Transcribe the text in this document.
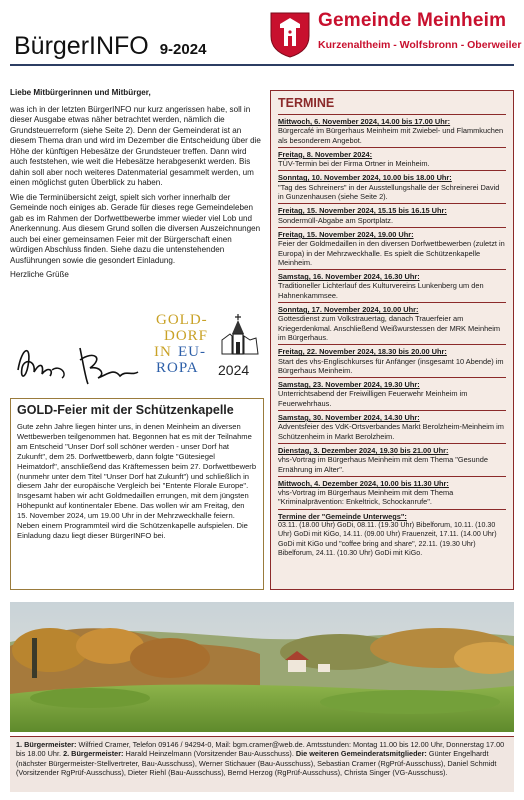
BürgerINFO 9-2024
Gemeinde Meinheim
Kurzenaltheim - Wolfsbronn - Oberweiler

Liebe Mitbürgerinnen und Mitbürger,

was ich in der letzten BürgerINFO nur kurz angerissen habe, soll in dieser Ausgabe etwas näher betrachtet werden, nämlich die Grundsteuerreform (siehe Seite 2). Denn der Gemeinderat ist an diesem Thema dran und wird im Dezember die Entscheidung über die Höhe der künftigen Hebesätze der Grundsteuer treffen. Dann wird auch feststehen, wie weit die Hebesätze herabgesenkt werden. Bis dahin soll aber noch weiteres Datenmaterial gesammelt werden, um einen möglichst guten Überblick zu haben.

Wie die Terminübersicht zeigt, spielt sich vorher innerhalb der Gemeinde noch einiges ab. Gerade für dieses rege Gemeindeleben gab es im Rahmen der Dorfwettbewerbe immer wieder viel Lob und Anerkennung. Aus diesem Grund sollen die diversen Auszeichnungen auch bei einer gemeinsamen Feier mit der Bürgerschaft einen würdigen Abschluss finden. Siehe dazu die untenstehenden Ausführungen sowie die gesondert Einladung.

Herzliche Grüße

GOLD-
DORF
IN EU-
ROPA 2024
GOLD-Feier mit der Schützenkapelle

Gute zehn Jahre liegen hinter uns, in denen Meinheim an diversen Wettbewerben teilgenommen hat. Begonnen hat es mit der Teilnahme am Entscheid "Unser Dorf soll schöner werden - unser Dorf hat Zukunft", dem 25. Dorfwettbewerb, dann folgte "Gütesiegel Heimatdorf", anschließend das Kräftemessen beim 27. Dorfwettbewerb (nunmehr unter dem Titel "Unser Dorf hat Zukunft") und schließlich in diesem Jahr der europäische Vergleich bei "Entente Florale Europe". Insgesamt haben wir acht Goldmedaillen errungen, mit dem jüngsten Höhepunkt auf kontinentaler Ebene. Das wollen wir am Freitag, den 15. November 2024, um 19.00 Uhr in der Mehrzweckhalle feiern. Neben einem Programmteil wird die Schützenkapelle aufspielen. Die Einladung dazu liegt dieser BürgerINFO bei.

TERMINE
Mittwoch, 6. November 2024, 14.00 bis 17.00 Uhr:
Bürgercafé im Bürgerhaus Meinheim mit Zwiebel- und Flammkuchen als besonderem Angebot.
Freitag, 8. November 2024:
TÜV-Termin bei der Firma Ortner in Meinheim.
Sonntag, 10. November 2024, 10.00 bis 18.00 Uhr:
"Tag des Schreiners" in der Ausstellungshalle der Schreinerei David in Gunzenhausen (siehe Seite 2).
Freitag, 15. November 2024, 15.15 bis 16.15 Uhr:
Sondermüll-Abgabe am Sportplatz.
Freitag, 15. November 2024, 19.00 Uhr:
Feier der Goldmedaillen in den diversen Dorfwettbewerben (zuletzt in Europa) in der Mehrzweckhalle. Es spielt die Schützenkapelle Meinheim.
Samstag, 16. November 2024, 16.30 Uhr:
Traditioneller Lichterlauf des Kulturvereins Lunkenberg um den Hahnenkammsee.
Sonntag, 17. November 2024, 10.00 Uhr:
Gottesdienst zum Volkstrauertag, danach Trauerfeier am Kriegerdenkmal. Anschließend Weißwurstessen der MRK Meinheim im Bürgerhaus.
Freitag, 22. November 2024, 18.30 bis 20.00 Uhr:
Start des vhs-Englischkurses für Anfänger (insgesamt 10 Abende) im Bürgerhaus Meinheim.
Samstag, 23. November 2024, 19.30 Uhr:
Unterrichtsabend der Freiwilligen Feuerwehr Meinheim im Feuerwehrhaus.
Samstag, 30. November 2024, 14.30 Uhr:
Adventsfeier des VdK-Ortsverbandes Markt Berolzheim-Meinheim im Schützenheim in Markt Berolzheim.
Dienstag, 3. Dezember 2024, 19.30 bis 21.00 Uhr:
vhs-Vortrag im Bürgerhaus Meinheim mit dem Thema "Gesunde Ernährung im Alter".
Mittwoch, 4. Dezember 2024, 10.00 bis 11.30 Uhr:
vhs-Vortrag im Bürgerhaus Meinheim mit dem Thema "Kriminalprävention: Enkeltrick, Schockanrufe".
Termine der "Gemeinde Unterwegs":
03.11. (18.00 Uhr) GoDi, 08.11. (19.30 Uhr) Bibelforum, 10.11. (10.30 Uhr) GoDi mit KiGo, 14.11. (09.00 Uhr) Frauenzeit, 17.11. (14.00 Uhr) GoDi mit KiGo und "coffee bring and share", 22.11. (19.30 Uhr) Bibelforum, 24.11. (10.30 Uhr) GoDi mit KiGo.
1. Bürgermeister: Wilfried Cramer, Telefon 09146 / 94294-0, Mail: bgm.cramer@web.de. Amtsstunden: Montag 11.00 bis 12.00 Uhr, Donnerstag 17.00 bis 18.00 Uhr. 2. Bürgermeister: Harald Heinzelmann (Vorsitzender Bau-Ausschuss). Die weiteren Gemeinderatsmitglieder: Günter Engelhardt (nächster Bürgermeister-Stellvertreter, Bau-Ausschuss), Werner Stichauer (Bau-Ausschuss), Sebastian Cramer (RgPrüf-Ausschuss), Daniel Schmidt (Vorsitzender RgPrüf-Ausschuss), Dieter Riehl (Bau-Ausschuss), Bernd Herzog (RgPrüf-Ausschuss), Christa Singer (VG-Ausschuss).
